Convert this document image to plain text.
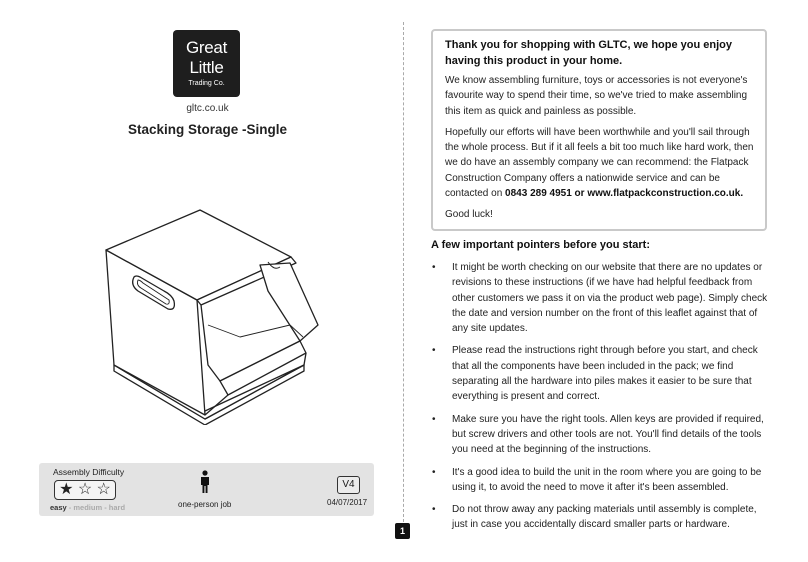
Great
Little
Trading Co.
gltc.co.uk
Stacking Storage -Single
Assembly Difficulty
★ ☆ ☆
easy - medium - hard	one-person job
V4
04/07/2017
1

Thank you for shopping with GLTC, we hope you enjoy having this product in your home.

We know assembling furniture, toys or accessories is not everyone's favourite way to spend their time, so we've tried to make assembling this item as quick and painless as possible.

Hopefully our efforts will have been worthwhile and you'll sail through the whole process. But if it all feels a bit too much like hard work, then we do have an assembly company we can recommend: the Flatpack Construction Company offers a nationwide service and can be contacted on 0843 289 4951 or www.flatpackconstruction.co.uk.

Good luck!

A few important pointers before you start:
• It might be worth checking on our website that there are no updates or revisions to these instructions (if we have had helpful feedback from other customers we pass it on via the product web page). Simply check the date and version number on the front of this leaflet against that of any site updates.
• Please read the instructions right through before you start, and check that all the components have been included in the pack; we find separating all the hardware into piles makes it easier to be sure that everything is present and correct.
• Make sure you have the right tools. Allen keys are provided if required, but screw drivers and other tools are not. You'll find details of the tools you need at the beginning of the instructions.
• It's a good idea to build the unit in the room where you are going to be using it, to avoid the need to move it after it's been assembled.
• Do not throw away any packing materials until assembly is complete, just in case you accidentally discard smaller parts or hardware.
